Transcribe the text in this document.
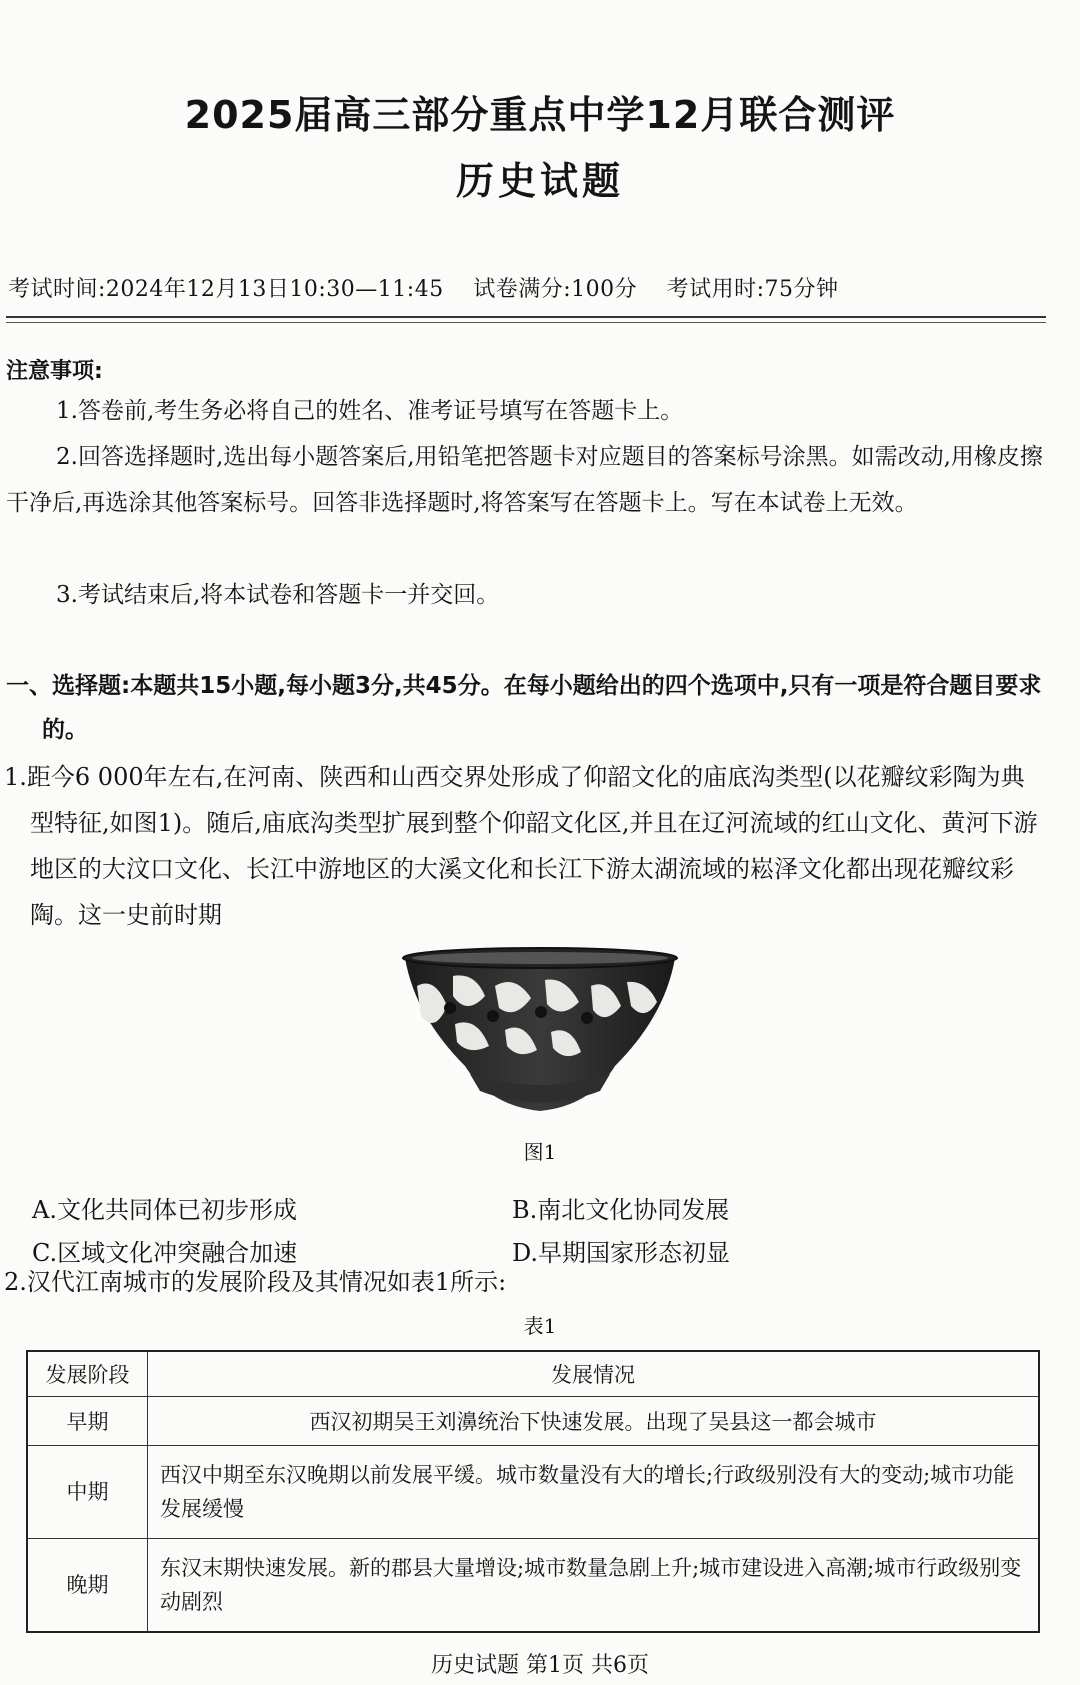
2025届高三部分重点中学12月联合测评
历史试题
考试时间:2024年12月13日10:30—11:45 试卷满分:100分 考试用时:75分钟
注意事项:
1.答卷前,考生务必将自己的姓名、准考证号填写在答题卡上。
2.回答选择题时,选出每小题答案后,用铅笔把答题卡对应题目的答案标号涂黑。如需改动,用橡皮擦干净后,再选涂其他答案标号。回答非选择题时,将答案写在答题卡上。写在本试卷上无效。
3.考试结束后,将本试卷和答题卡一并交回。
一、选择题:本题共15小题,每小题3分,共45分。在每小题给出的四个选项中,只有一项是符合题目要求的。
1.距今6 000年左右,在河南、陕西和山西交界处形成了仰韶文化的庙底沟类型(以花瓣纹彩陶为典型特征,如图1)。随后,庙底沟类型扩展到整个仰韶文化区,并且在辽河流域的红山文化、黄河下游地区的大汶口文化、长江中游地区的大溪文化和长江下游太湖流域的崧泽文化都出现花瓣纹彩陶。这一史前时期
图1
A.文化共同体已初步形成	B.南北文化协同发展
C.区域文化冲突融合加速	D.早期国家形态初显
2.汉代江南城市的发展阶段及其情况如表1所示:
表1
发展阶段	发展情况
早期	西汉初期吴王刘濞统治下快速发展。出现了吴县这一都会城市
中期	西汉中期至东汉晚期以前发展平缓。城市数量没有大的增长;行政级别没有大的变动;城市功能发展缓慢
晚期	东汉末期快速发展。新的郡县大量增设;城市数量急剧上升;城市建设进入高潮;城市行政级别变动剧烈
历史试题 第1页 共6页
